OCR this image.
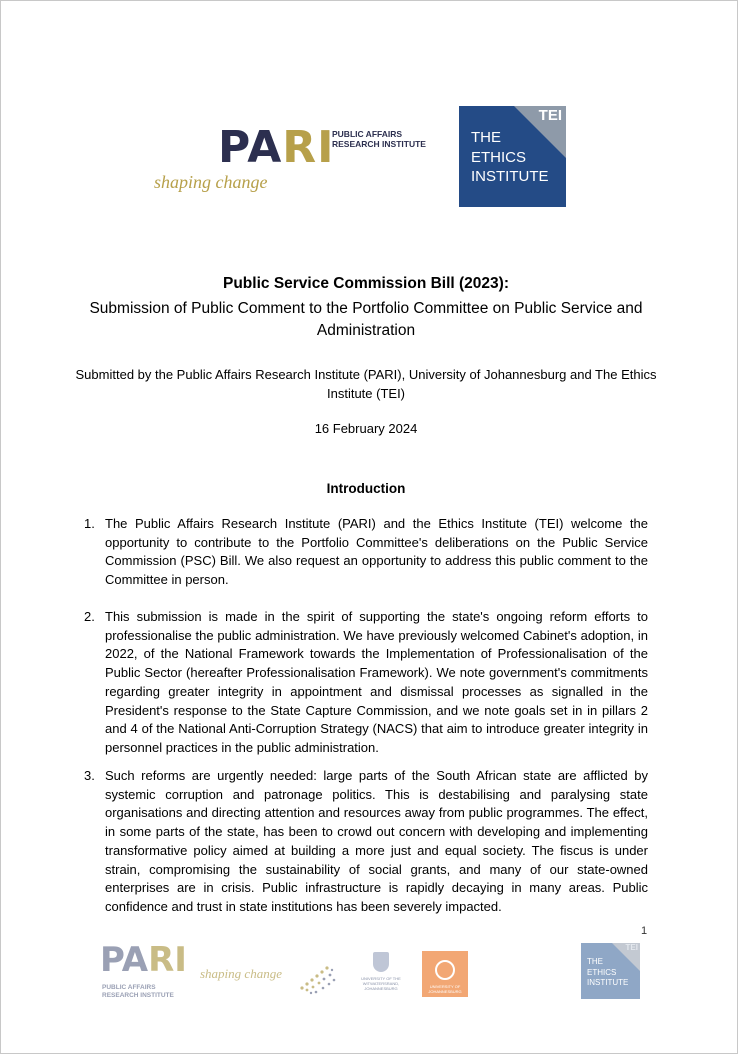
PARI
PUBLIC AFFAIRS
RESEARCH INSTITUTE
shaping change
TEI
THE
ETHICS
INSTITUTE
Public Service Commission Bill (2023):
Submission of Public Comment to the Portfolio Committee on Public Service and Administration
Submitted by the Public Affairs Research Institute (PARI), University of Johannesburg and The Ethics Institute (TEI)
16 February 2024
Introduction
1. The Public Affairs Research Institute (PARI) and the Ethics Institute (TEI) welcome the opportunity to contribute to the Portfolio Committee's deliberations on the Public Service Commission (PSC) Bill. We also request an opportunity to address this public comment to the Committee in person.
2. This submission is made in the spirit of supporting the state's ongoing reform efforts to professionalise the public administration. We have previously welcomed Cabinet's adoption, in 2022, of the National Framework towards the Implementation of Professionalisation of the Public Sector (hereafter Professionalisation Framework). We note government's commitments regarding greater integrity in appointment and dismissal processes as signalled in the President's response to the State Capture Commission, and we note goals set in in pillars 2 and 4 of the National Anti-Corruption Strategy (NACS) that aim to introduce greater integrity in personnel practices in the public administration.
3. Such reforms are urgently needed: large parts of the South African state are afflicted by systemic corruption and patronage politics. This is destabilising and paralysing state organisations and directing attention and resources away from public programmes. The effect, in some parts of the state, has been to crowd out concern with developing and implementing transformative policy aimed at building a more just and equal society. The fiscus is under strain, compromising the sustainability of social grants, and many of our state-owned enterprises are in crisis. Public infrastructure is rapidly decaying in many areas. Public confidence and trust in state institutions has been severely impacted.
1
PARI
PUBLIC AFFAIRS
RESEARCH INSTITUTE
shaping change	UNIVERSITY OF THE WITWATERSRAND, JOHANNESBURG	UNIVERSITY OF JOHANNESBURG
TEI
THE
ETHICS
INSTITUTE
